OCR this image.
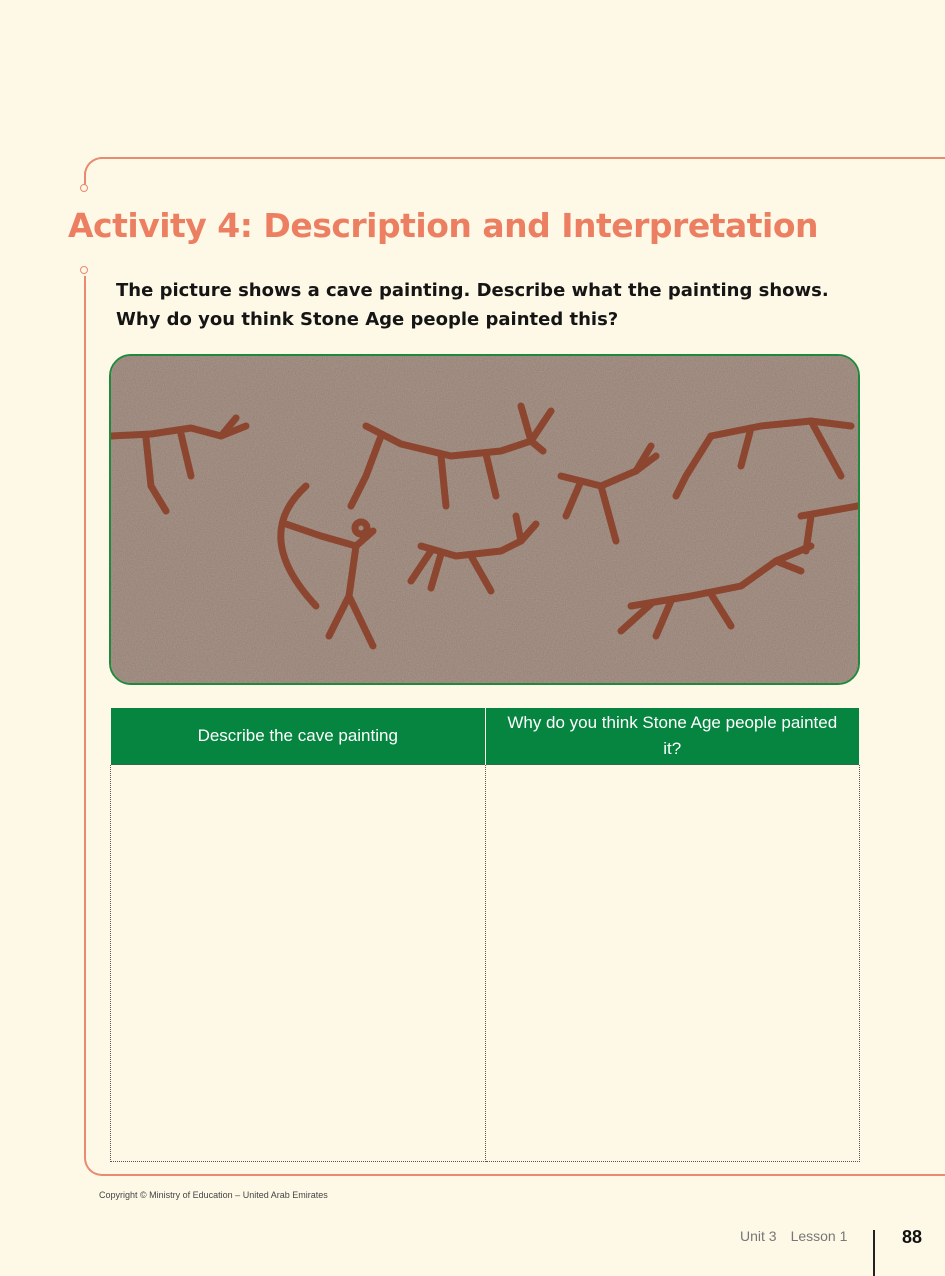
Activity 4: Description and Interpretation

The picture shows a cave painting. Describe what the painting shows.

Why do you think Stone Age people painted this?

Describe the cave painting	Why do you think Stone Age people painted it?

Copyright © Ministry of Education – United Arab Emirates
Unit 3 Lesson 1	88
